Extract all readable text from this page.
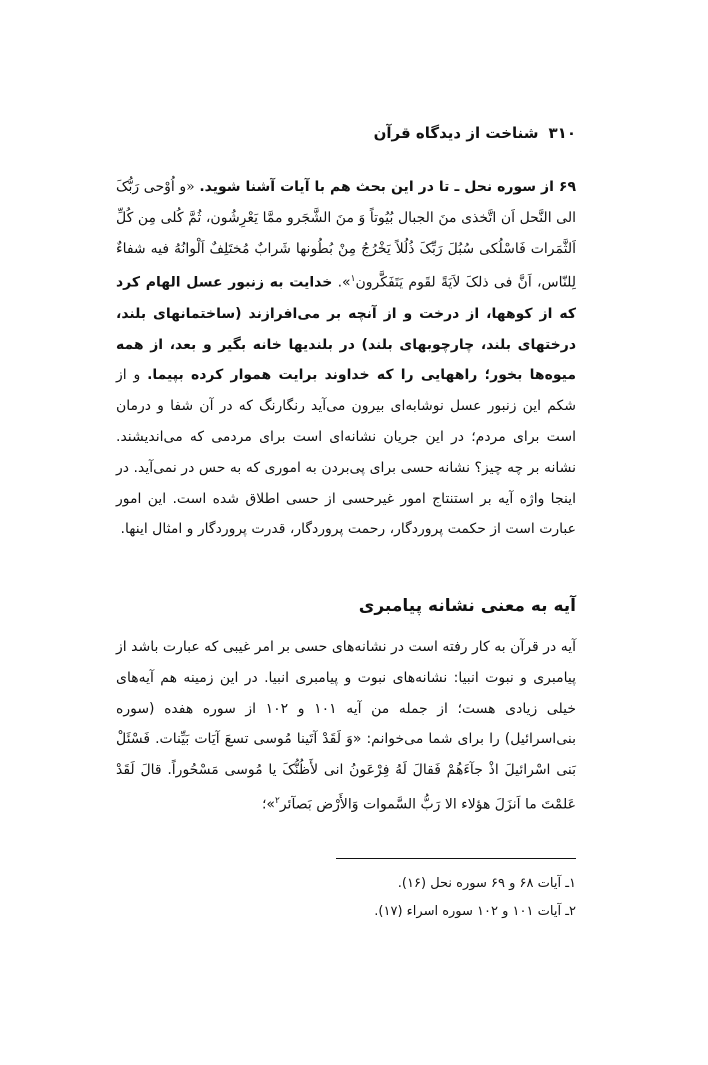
۳۱۰
شناخت از دیدگاه قرآن

۶۹ از سوره نحل ـ تا در این بحث هم با آیات آشنا شوید. «و اُوْحی رَبُّکَ الی النَّحل اَن اتَّخذی منَ الجبال بُیُوتاً وَ منَ الشَّجَرو ممَّا یَعْرِشُون، ثُمَّ کُلی مِن کُلِّ اَلثَّمَرات فَاسْلُکی سُبُلَ رَبِّکَ ذُلُلاً یَخْرُجُ مِنْ بُطُونها شَرابٌ مُختَلِفٌ اَلْوانُهُ فیه شفاءٌ لِلنّاس، اَنَّ فی ذلکَ لاَیَةً لقَوم یَتَفَکَّرون$^۱$». خدایت به زنبور عسل الهام کرد که از کوهها، از درخت و از آنچه بر می‌افرازند (ساختمانهای بلند، درختهای بلند، چارچوبهای بلند) در بلندیها خانه بگیر و بعد، از همه میوه‌ها بخور؛ راههایی را که خداوند برایت هموار کرده بپیما. و از شکم این زنبور عسل نوشابه‌ای بیرون می‌آید رنگارنگ که در آن شفا و درمان است برای مردم؛ در این جریان نشانه‌ای است برای مردمی که می‌اندیشند. نشانه بر چه چیز؟ نشانه حسی برای پی‌بردن به اموری که به حس در نمی‌آید. در اینجا واژه آیه بر استنتاج امور غیرحسی از حسی اطلاق شده است. این امور عبارت است از حکمت پروردگار، رحمت پروردگار، قدرت پروردگار و امثال اینها.

آیه به معنی نشانه پیامبری

آیه در قرآن به کار رفته است در نشانه‌های حسی بر امر غیبی که عبارت باشد از پیامبری و نبوت انبیا: نشانه‌های نبوت و پیامبری انبیا. در این زمینه هم آیه‌های خیلی زیادی هست؛ از جمله من آیه ۱۰۱ و ۱۰۲ از سوره هفده (سوره بنی‌اسرائیل) را برای شما می‌خوانم: «وَ لَقَدْ آتَینا مُوسی تسعَ آیَات بَیِّنات. فَسْئَلْ بَنی اسْرائیلَ اذْ جآءَهُمْ فَقالَ لَهُ فِرْعَونُ انی لأَظُنُّکَ یا مُوسی مَسْحُوراً. قالَ لَقَدْ عَلمْتَ ما اَنزَلَ هؤلاء الا رَبُّ السَّموات وَالأَرْض بَصآئر$^۲$»؛

۱ـ آیات ۶۸ و ۶۹ سوره نحل (۱۶).
۲ـ آیات ۱۰۱ و ۱۰۲ سوره اسراء (۱۷).
